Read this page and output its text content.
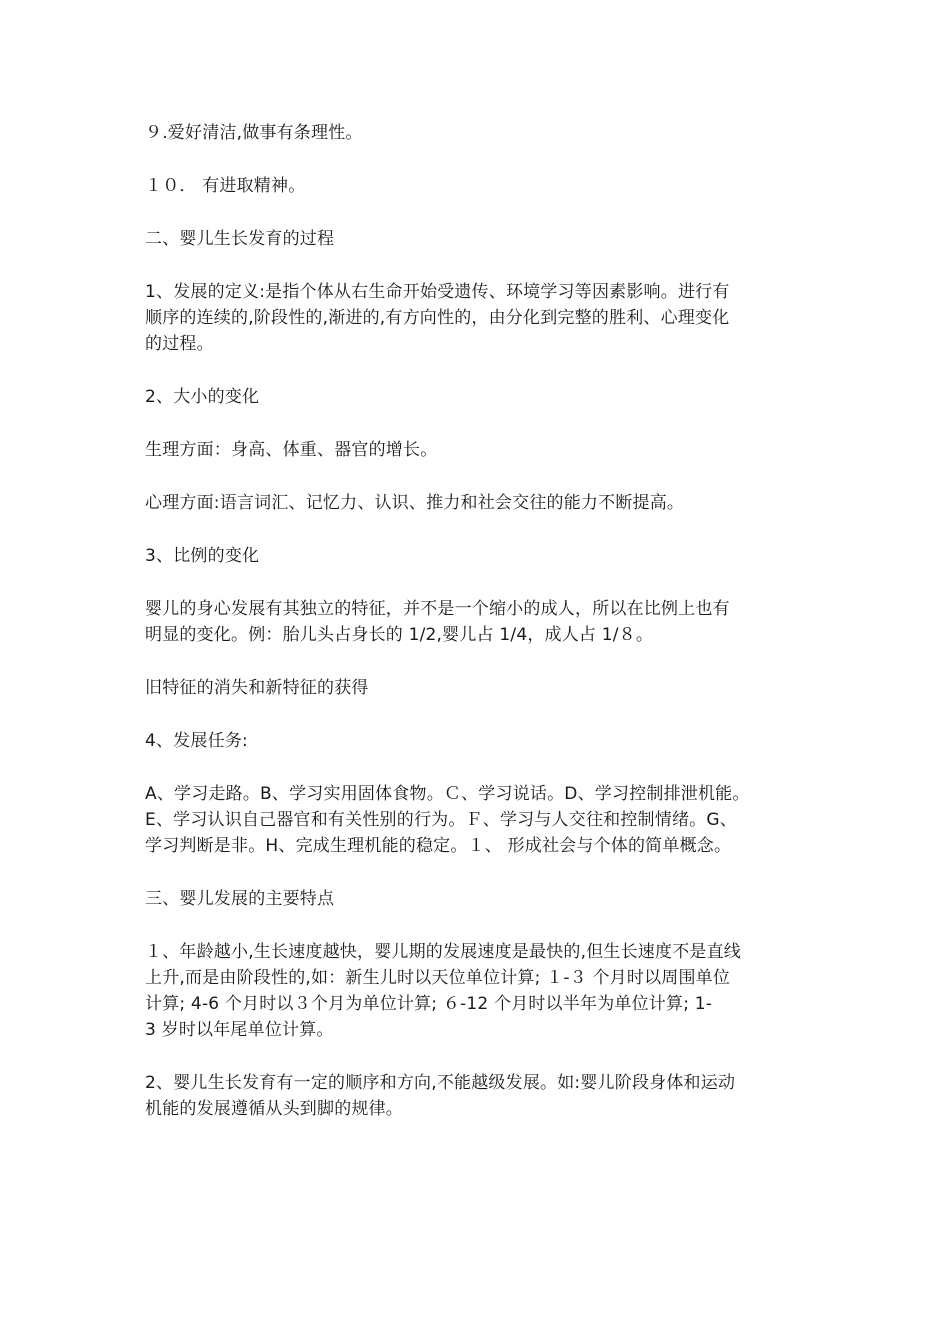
９.爱好清洁,做事有条理性。

１０． 有进取精神。

二、婴儿生长发育的过程

1、发展的定义:是指个体从右生命开始受遗传、环境学习等因素影响。进行有
顺序的连续的,阶段性的,渐进的,有方向性的，由分化到完整的胜利、心理变化
的过程。

2、大小的变化

生理方面：身高、体重、器官的增长。

心理方面:语言词汇、记忆力、认识、推力和社会交往的能力不断提高。

3、比例的变化

婴儿的身心发展有其独立的特征，并不是一个缩小的成人，所以在比例上也有
明显的变化。例：胎儿头占身长的 1/2,婴儿占 1/4，成人占 1/８。

旧特征的消失和新特征的获得

4、发展任务:

A、学习走路。B、学习实用固体食物。Ｃ、学习说话。D、学习控制排泄机能。
E、学习认识自己器官和有关性别的行为。Ｆ、学习与人交往和控制情绪。G、
学习判断是非。H、完成生理机能的稳定。１、 形成社会与个体的简单概念。

三、婴儿发展的主要特点

１、年龄越小,生长速度越快，婴儿期的发展速度是最快的,但生长速度不是直线
上升,而是由阶段性的,如：新生儿时以天位单位计算; １-３ 个月时以周围单位
计算; 4-6 个月时以３个月为单位计算; ６-12 个月时以半年为单位计算; 1-
3 岁时以年尾单位计算。

2、婴儿生长发育有一定的顺序和方向,不能越级发展。如:婴儿阶段身体和运动
机能的发展遵循从头到脚的规律。
